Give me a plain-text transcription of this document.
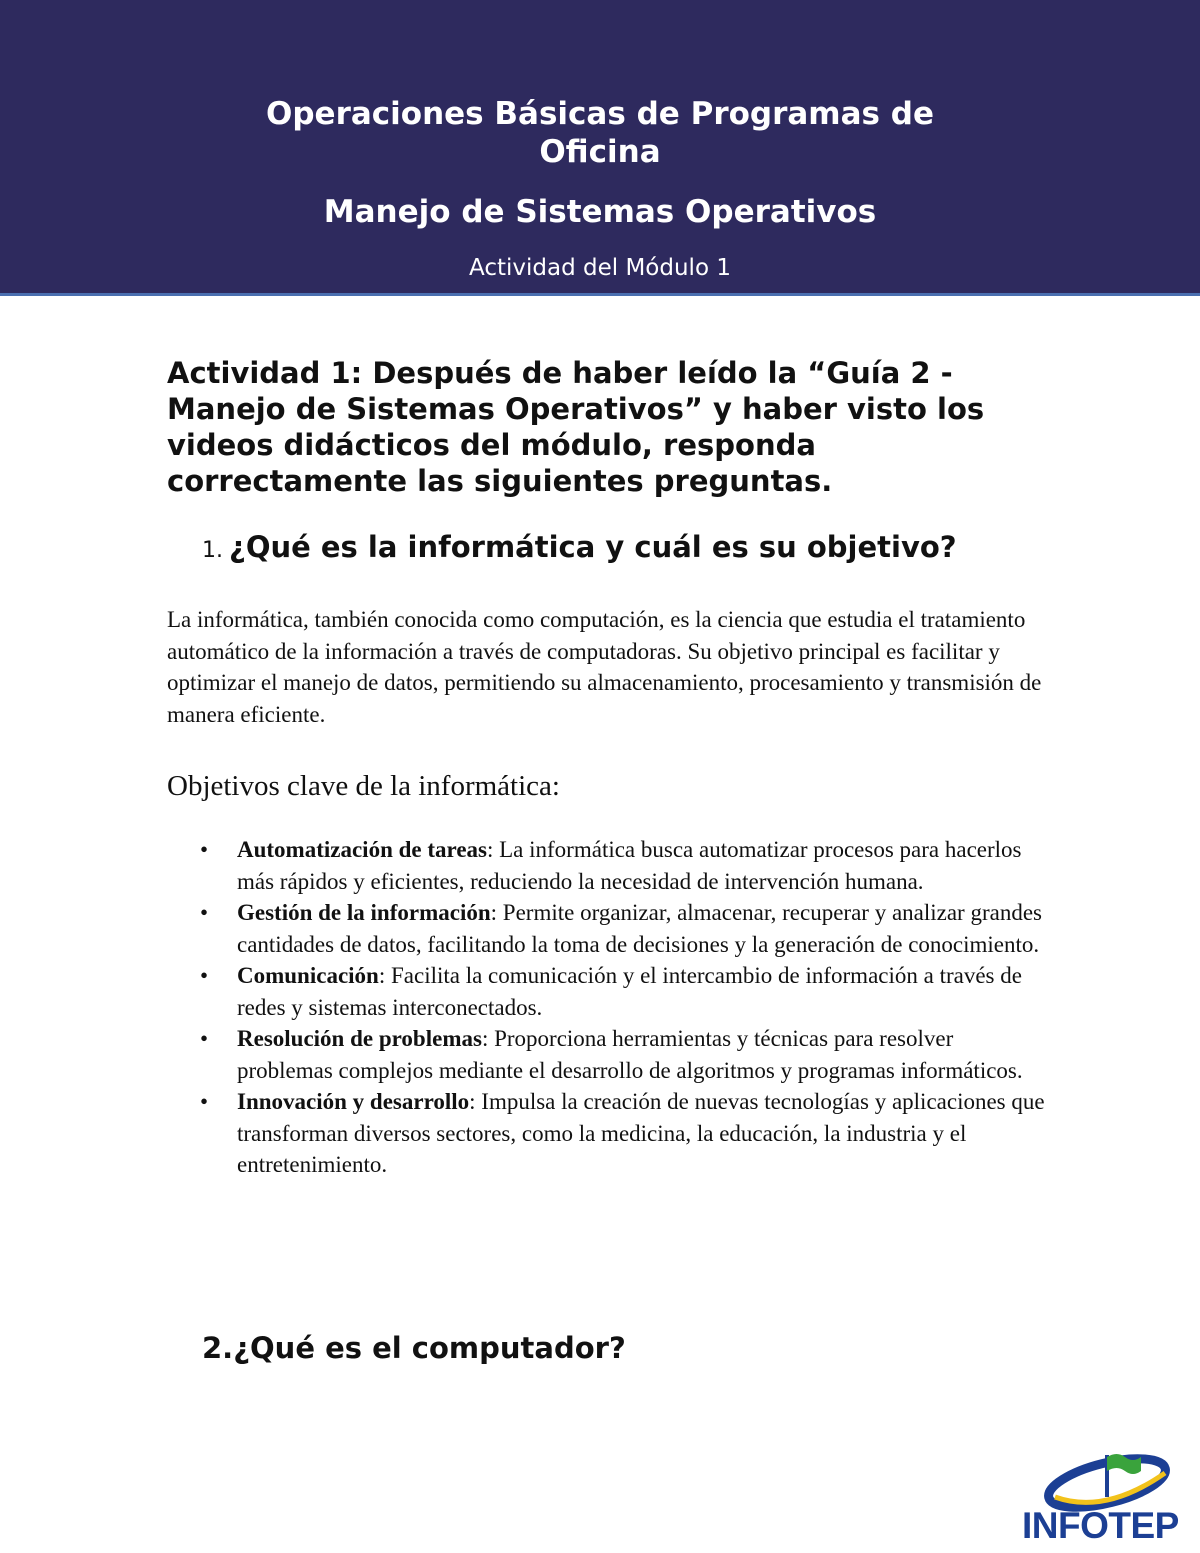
Operaciones Básicas de Programas de Oficina
Manejo de Sistemas Operativos
Actividad del Módulo 1

Actividad 1: Después de haber leído la “Guía 2 - Manejo de Sistemas Operativos” y haber visto los videos didácticos del módulo, responda correctamente las siguientes preguntas.

1. ¿Qué es la informática y cuál es su objetivo?

La informática, también conocida como computación, es la ciencia que estudia el tratamiento automático de la información a través de computadoras. Su objetivo principal es facilitar y optimizar el manejo de datos, permitiendo su almacenamiento, procesamiento y transmisión de manera eficiente.

Objetivos clave de la informática:
• Automatización de tareas: La informática busca automatizar procesos para hacerlos más rápidos y eficientes, reduciendo la necesidad de intervención humana.
• Gestión de la información: Permite organizar, almacenar, recuperar y analizar grandes cantidades de datos, facilitando la toma de decisiones y la generación de conocimiento.
• Comunicación: Facilita la comunicación y el intercambio de información a través de redes y sistemas interconectados.
• Resolución de problemas: Proporciona herramientas y técnicas para resolver problemas complejos mediante el desarrollo de algoritmos y programas informáticos.
• Innovación y desarrollo: Impulsa la creación de nuevas tecnologías y aplicaciones que transforman diversos sectores, como la medicina, la educación, la industria y el entretenimiento.
2.¿Qué es el computador?
INFOTEP
